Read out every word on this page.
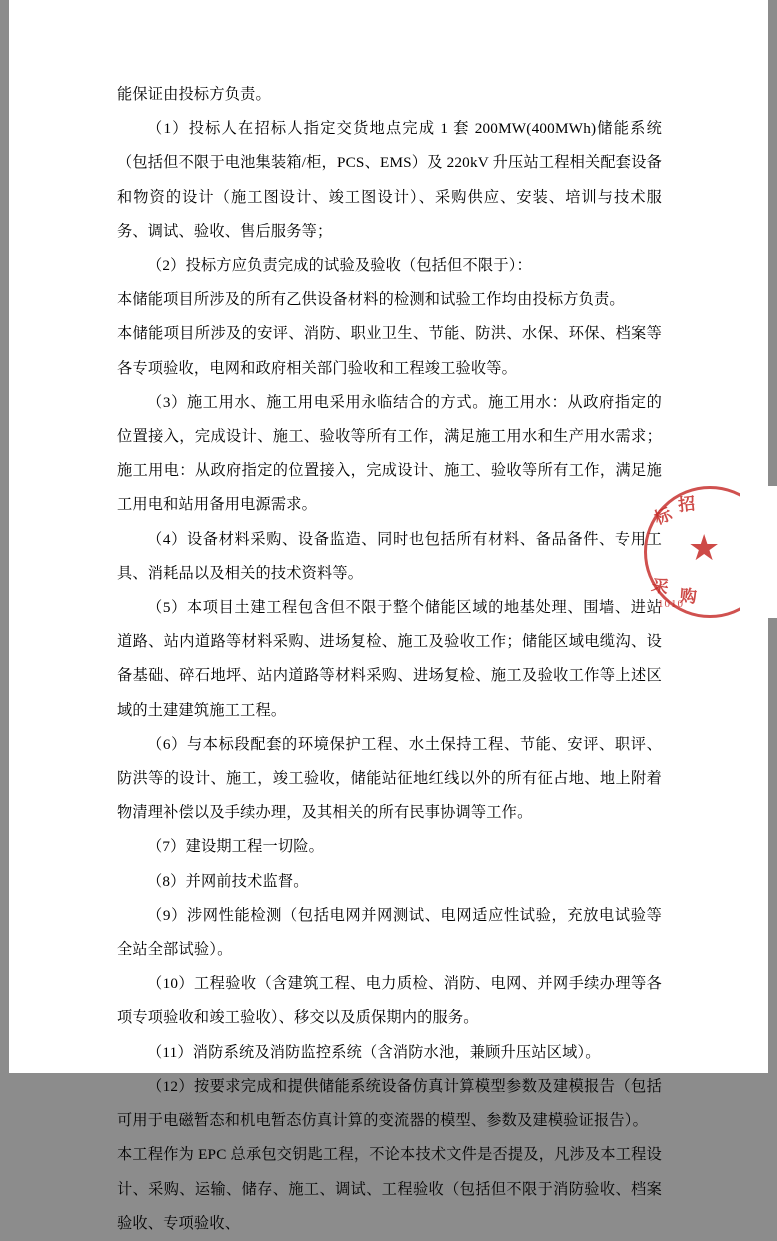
能保证由投标方负责。

（1）投标人在招标人指定交货地点完成 1 套 200MW(400MWh)储能系统（包括但不限于电池集装箱/柜，PCS、EMS）及 220kV 升压站工程相关配套设备和物资的设计（施工图设计、竣工图设计）、采购供应、安装、培训与技术服务、调试、验收、售后服务等；

（2）投标方应负责完成的试验及验收（包括但不限于）：

本储能项目所涉及的所有乙供设备材料的检测和试验工作均由投标方负责。

本储能项目所涉及的安评、消防、职业卫生、节能、防洪、水保、环保、档案等各专项验收，电网和政府相关部门验收和工程竣工验收等。

（3）施工用水、施工用电采用永临结合的方式。施工用水：从政府指定的位置接入，完成设计、施工、验收等所有工作，满足施工用水和生产用水需求；施工用电：从政府指定的位置接入，完成设计、施工、验收等所有工作，满足施工用电和站用备用电源需求。

（4）设备材料采购、设备监造、同时也包括所有材料、备品备件、专用工具、消耗品以及相关的技术资料等。

（5）本项目土建工程包含但不限于整个储能区域的地基处理、围墙、进站道路、站内道路等材料采购、进场复检、施工及验收工作；储能区域电缆沟、设备基础、碎石地坪、站内道路等材料采购、进场复检、施工及验收工作等上述区域的土建建筑施工工程。

（6）与本标段配套的环境保护工程、水土保持工程、节能、安评、职评、防洪等的设计、施工，竣工验收，储能站征地红线以外的所有征占地、地上附着物清理补偿以及手续办理，及其相关的所有民事协调等工作。

（7）建设期工程一切险。

（8）并网前技术监督。

（9）涉网性能检测（包括电网并网测试、电网适应性试验，充放电试验等全站全部试验）。

（10）工程验收（含建筑工程、电力质检、消防、电网、并网手续办理等各项专项验收和竣工验收）、移交以及质保期内的服务。

（11）消防系统及消防监控系统（含消防水池，兼顾升压站区域）。

（12）按要求完成和提供储能系统设备仿真计算模型参数及建模报告（包括可用于电磁暂态和机电暂态仿真计算的变流器的模型、参数及建模验证报告）。

本工程作为 EPC 总承包交钥匙工程，不论本技术文件是否提及，凡涉及本工程设计、采购、运输、储存、施工、调试、工程验收（包括但不限于消防验收、档案验收、专项验收、

★
标 招
采 购
1010
